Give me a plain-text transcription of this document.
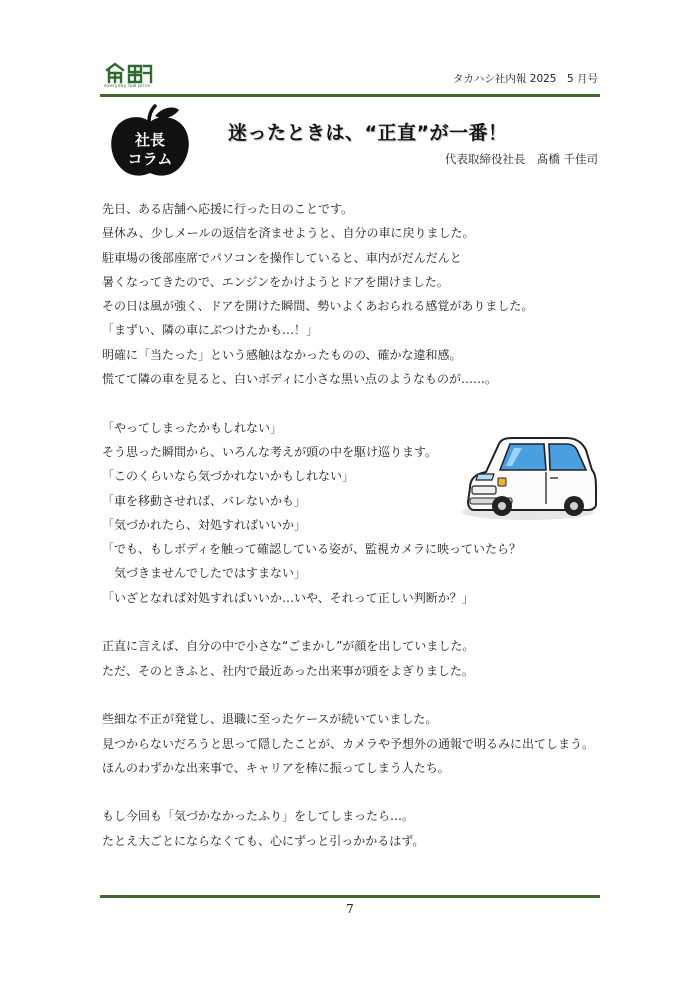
everyday low price
タカハシ社内報 2025　5 月号
社長
コラム
迷ったときは、“正直”が一番！
代表取締役社長　髙橋 千佳司
先日、ある店舗へ応援に行った日のことです。
昼休み、少しメールの返信を済ませようと、自分の車に戻りました。
駐車場の後部座席でパソコンを操作していると、車内がだんだんと
暑くなってきたので、エンジンをかけようとドアを開けました。
その日は風が強く、ドアを開けた瞬間、勢いよくあおられる感覚がありました。
「まずい、隣の車にぶつけたかも…！」
明確に「当たった」という感触はなかったものの、確かな違和感。
慌てて隣の車を見ると、白いボディに小さな黒い点のようなものが……。
「やってしまったかもしれない」
そう思った瞬間から、いろんな考えが頭の中を駆け巡ります。
「このくらいなら気づかれないかもしれない」
「車を移動させれば、バレないかも」
「気づかれたら、対処すればいいか」
「でも、もしボディを触って確認している姿が、監視カメラに映っていたら？
　気づきませんでしたではすまない」
「いざとなれば対処すればいいか…いや、それって正しい判断か？」
正直に言えば、自分の中で小さな“ごまかし”が顔を出していました。
ただ、そのときふと、社内で最近あった出来事が頭をよぎりました。
些細な不正が発覚し、退職に至ったケースが続いていました。
見つからないだろうと思って隠したことが、カメラや予想外の通報で明るみに出てしまう。
ほんのわずかな出来事で、キャリアを棒に振ってしまう人たち。
もし今回も「気づかなかったふり」をしてしまったら…。
たとえ大ごとにならなくても、心にずっと引っかかるはず。
7
